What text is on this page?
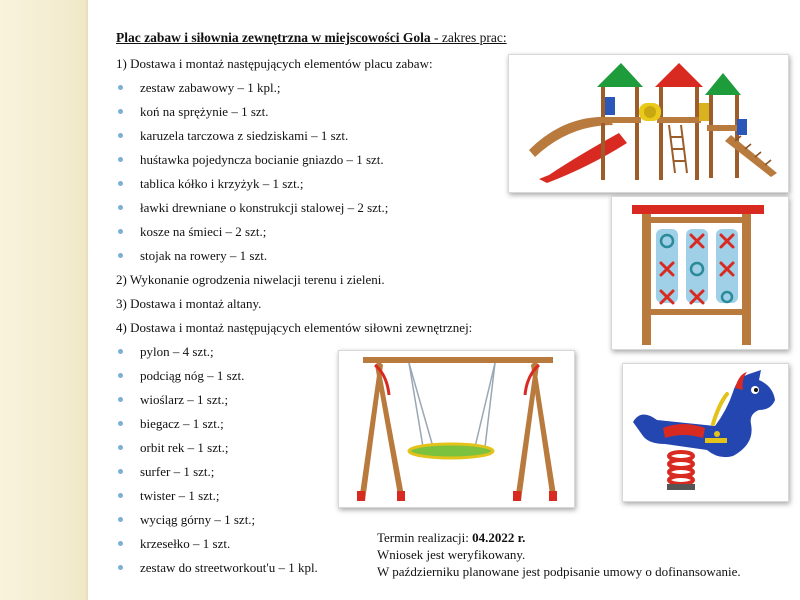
Plac zabaw i siłownia zewnętrzna w miejscowości Gola - zakres prac:
1) Dostawa i montaż następujących elementów placu zabaw:
zestaw zabawowy – 1 kpl.;
koń na sprężynie – 1 szt.
karuzela tarczowa z siedziskami – 1 szt.
huśtawka pojedyncza bocianie gniazdo – 1 szt.
tablica kółko i krzyżyk – 1 szt.;
ławki drewniane o konstrukcji stalowej – 2 szt.;
kosze na śmieci – 2 szt.;
stojak na rowery – 1 szt.
2) Wykonanie ogrodzenia niwelacji terenu i zieleni.
3) Dostawa i montaż altany.
4) Dostawa i montaż następujących elementów siłowni zewnętrznej:
pylon – 4 szt.;
podciąg nóg – 1 szt.
wioślarz – 1 szt.;
biegacz – 1 szt.;
orbit rek – 1 szt.;
surfer – 1 szt.;
twister – 1 szt.;
wyciąg górny – 1 szt.;
krzesełko – 1 szt.
zestaw do streetworkout'u – 1 kpl.
Termin realizacji: 04.2022 r.
Wniosek jest weryfikowany.
W październiku planowane jest podpisanie umowy o dofinansowanie.
